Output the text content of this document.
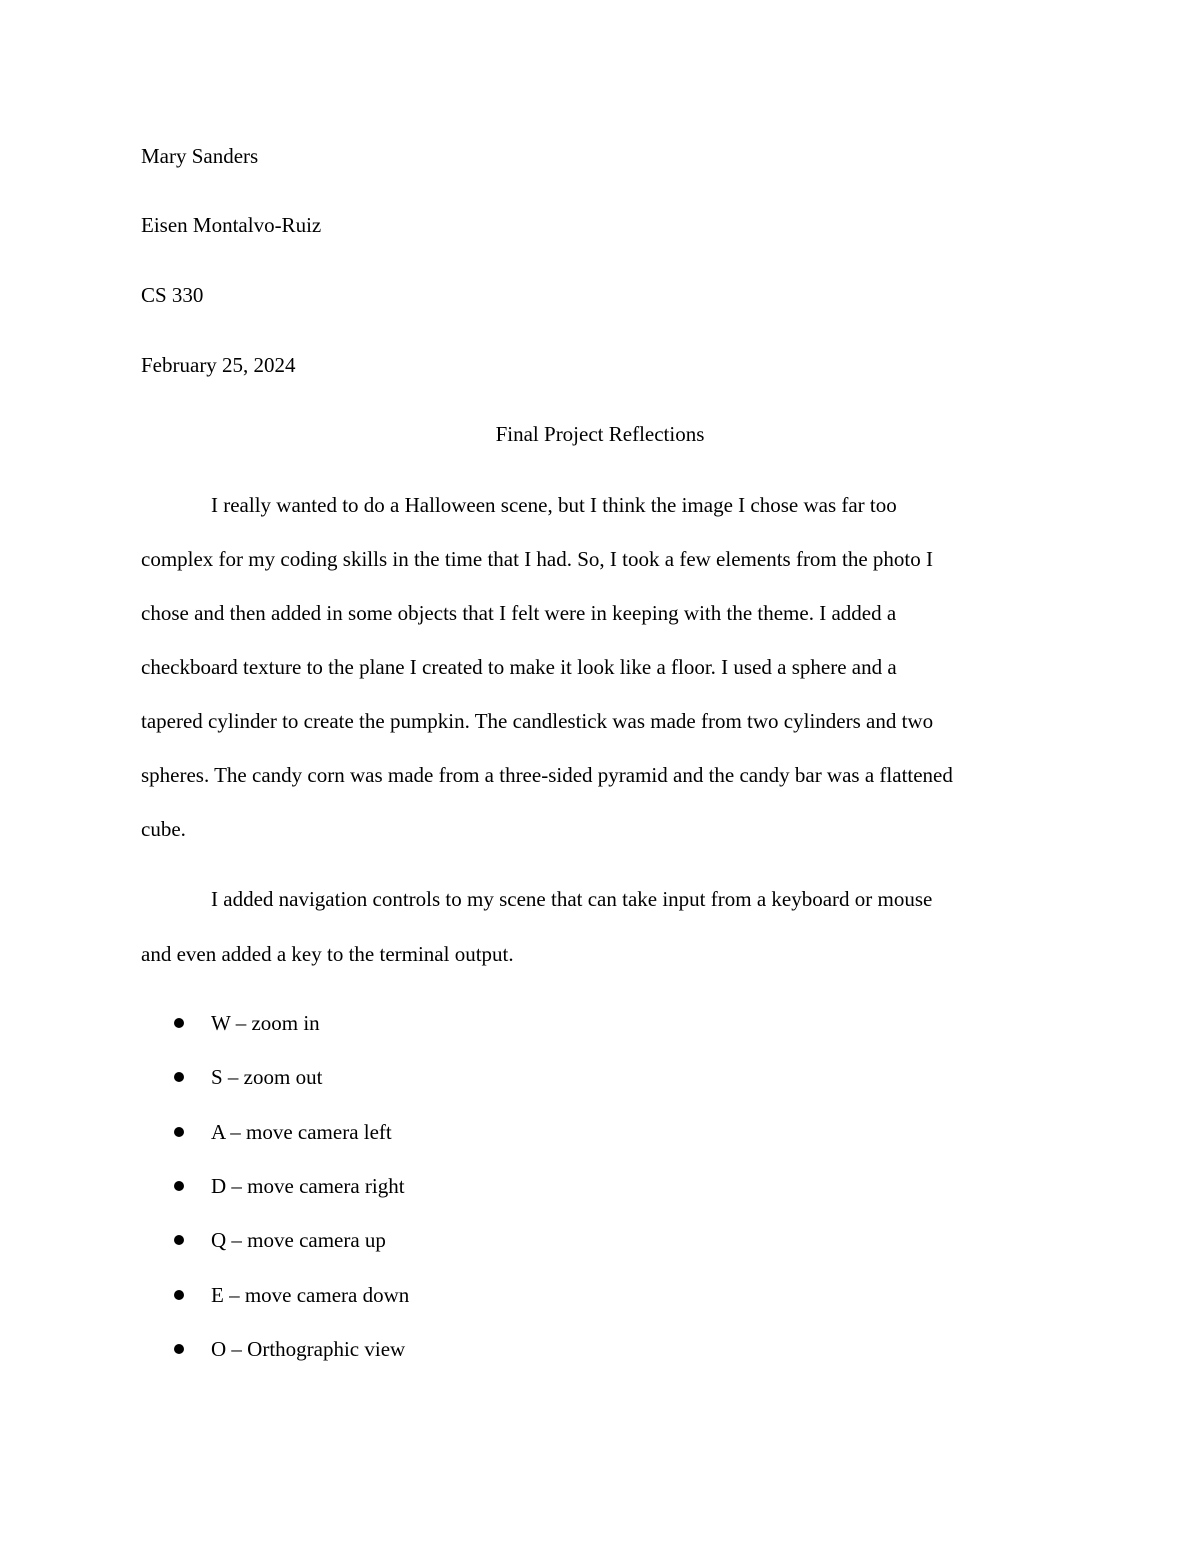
Mary Sanders
Eisen Montalvo-Ruiz
CS 330
February 25, 2024
Final Project Reflections
I really wanted to do a Halloween scene, but I think the image I chose was far too
complex for my coding skills in the time that I had. So, I took a few elements from the photo I
chose and then added in some objects that I felt were in keeping with the theme. I added a
checkboard texture to the plane I created to make it look like a floor. I used a sphere and a
tapered cylinder to create the pumpkin. The candlestick was made from two cylinders and two
spheres. The candy corn was made from a three-sided pyramid and the candy bar was a flattened
cube.
I added navigation controls to my scene that can take input from a keyboard or mouse
and even added a key to the terminal output.
W – zoom in
S – zoom out
A – move camera left
D – move camera right
Q – move camera up
E – move camera down
O – Orthographic view
